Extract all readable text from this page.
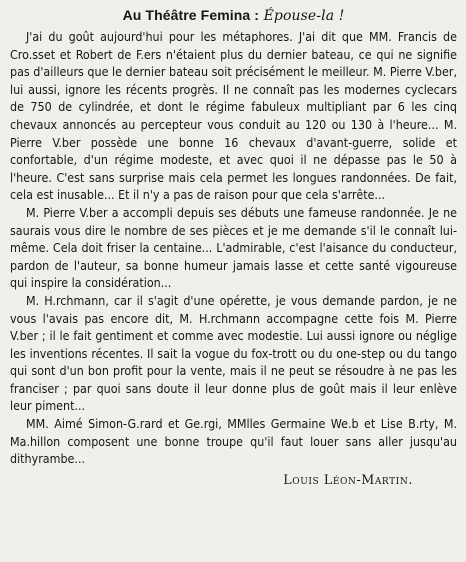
Au Théâtre Femina : Épouse-la !

J'ai du goût aujourd'hui pour les métaphores. J'ai dit que MM. Francis de Cro.sset et Robert de F.ers n'étaient plus du dernier bateau, ce qui ne signifie pas d'ailleurs que le dernier bateau soit précisément le meilleur. M. Pierre V.ber, lui aussi, ignore les récents progrès. Il ne connaît pas les modernes cyclecars de 750 de cylindrée, et dont le régime fabuleux multipliant par 6 les cinq chevaux annoncés au percepteur vous conduit au 120 ou 130 à l'heure... M. Pierre V.ber possède une bonne 16 chevaux d'avant-guerre, solide et confortable, d'un régime modeste, et avec quoi il ne dépasse pas le 50 à l'heure. C'est sans surprise mais cela permet les longues randonnées. De fait, cela est inusable... Et il n'y a pas de raison pour que cela s'arrête...

M. Pierre V.ber a accompli depuis ses débuts une fameuse randonnée. Je ne saurais vous dire le nombre de ses pièces et je me demande s'il le connaît lui-même. Cela doit friser la centaine... L'admirable, c'est l'aisance du conducteur, pardon de l'auteur, sa bonne humeur jamais lasse et cette santé vigoureuse qui inspire la considération...

M. H.rchmann, car il s'agit d'une opérette, je vous demande pardon, je ne vous l'avais pas encore dit, M. H.rchmann accompagne cette fois M. Pierre V.ber ; il le fait gentiment et comme avec modestie. Lui aussi ignore ou néglige les inventions récentes. Il sait la vogue du fox-trott ou du one-step ou du tango qui sont d'un bon profit pour la vente, mais il ne peut se résoudre à ne pas les franciser ; par quoi sans doute il leur donne plus de goût mais il leur enlève leur piment...

MM. Aimé Simon-G.rard et Ge.rgi, MMlles Germaine We.b et Lise B.rty, M. Ma.hillon composent une bonne troupe qu'il faut louer sans aller jusqu'au dithyrambe...

Louis Léon-Martin.
